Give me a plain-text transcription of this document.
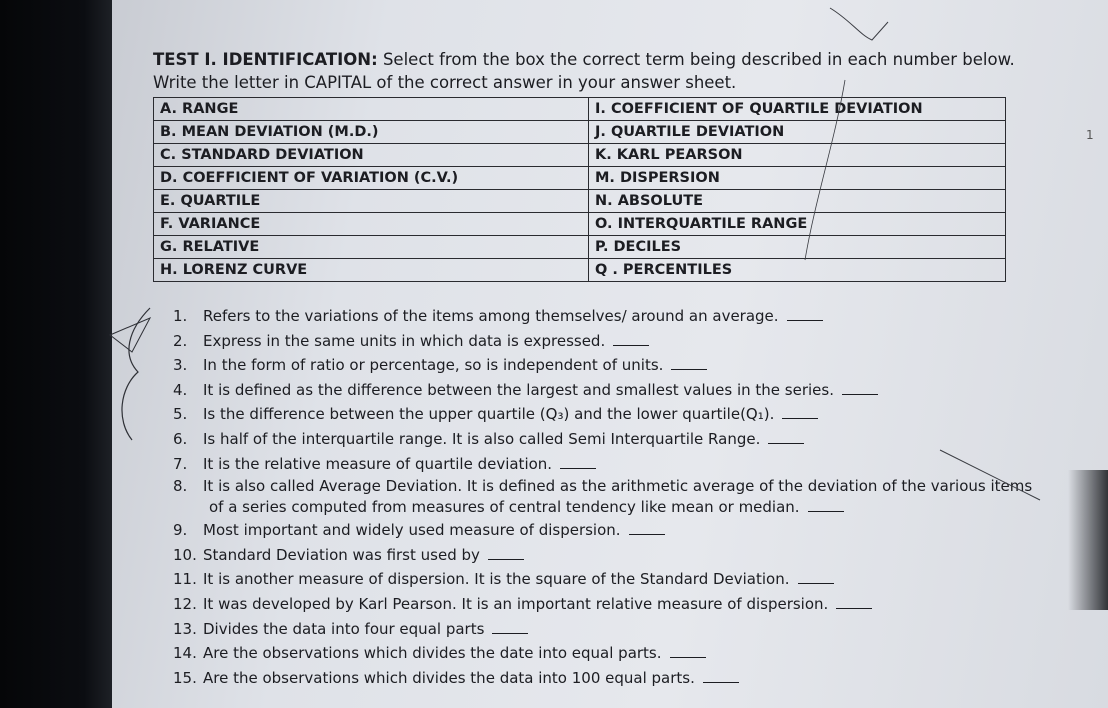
TEST I. IDENTIFICATION: Select from the box the correct term being described in each number below. Write the letter in CAPITAL of the correct answer in your answer sheet.
A. RANGE	I. COEFFICIENT OF QUARTILE DEVIATION
B. MEAN DEVIATION (M.D.)	J. QUARTILE DEVIATION
C. STANDARD DEVIATION	K. KARL PEARSON
D. COEFFICIENT OF VARIATION (C.V.)	M. DISPERSION
E. QUARTILE	N. ABSOLUTE
F. VARIANCE	O. INTERQUARTILE RANGE
G. RELATIVE	P. DECILES
H. LORENZ CURVE	Q . PERCENTILES
1. Refers to the variations of the items among themselves/ around an average.
2. Express in the same units in which data is expressed.
3. In the form of ratio or percentage, so is independent of units.
4. It is defined as the difference between the largest and smallest values in the series.
5. Is the difference between the upper quartile (Q₃) and the lower quartile(Q₁).
6. Is half of the interquartile range. It is also called Semi Interquartile Range.
7. It is the relative measure of quartile deviation.
8. It is also called Average Deviation. It is defined as the arithmetic average of the deviation of the various items
of a series computed from measures of central tendency like mean or median.
9. Most important and widely used measure of dispersion.
10. Standard Deviation was first used by
11. It is another measure of dispersion. It is the square of the Standard Deviation.
12. It was developed by Karl Pearson. It is an important relative measure of dispersion.
13. Divides the data into four equal parts
14. Are the observations which divides the date into equal parts.
15. Are the observations which divides the data into 100 equal parts.
1
